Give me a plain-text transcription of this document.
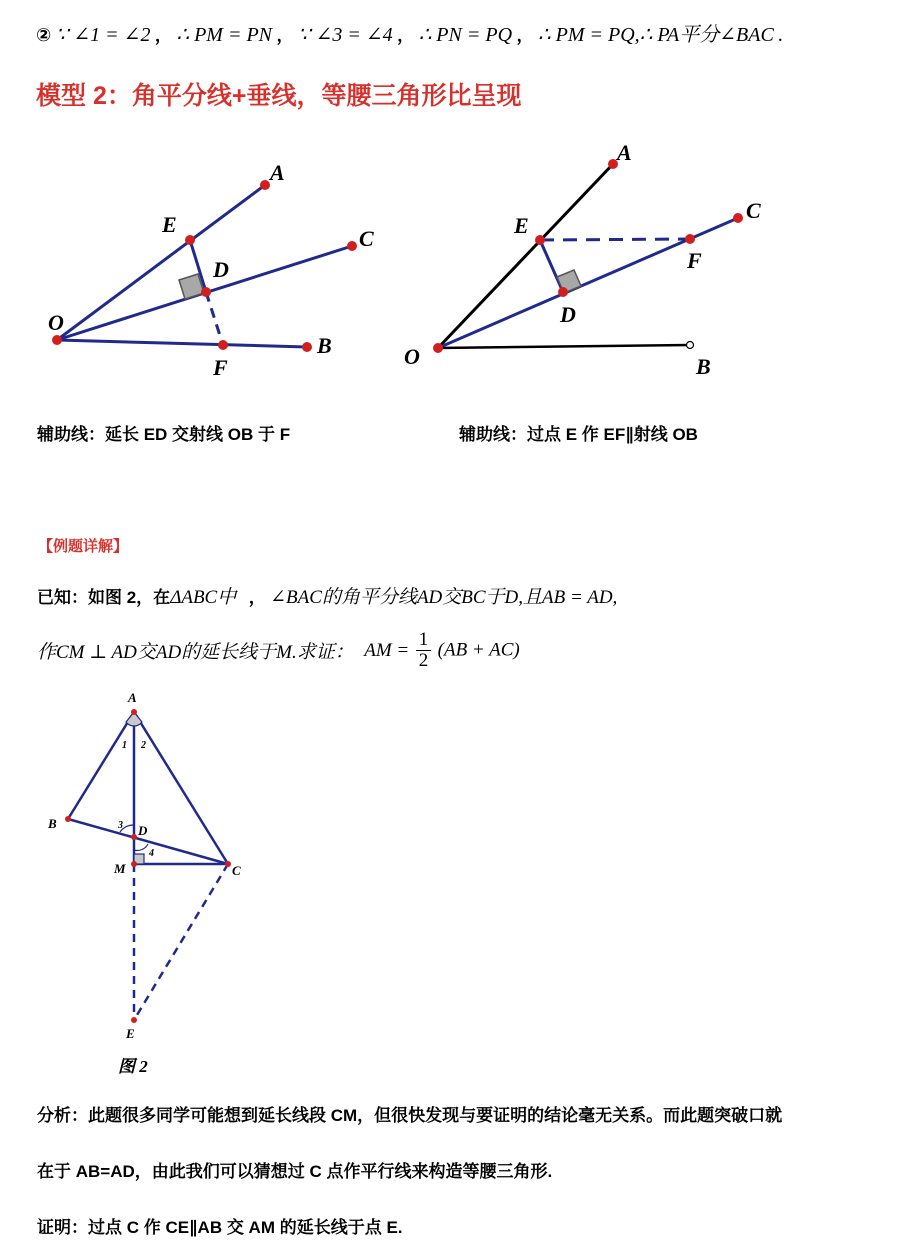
② ∵ ∠1 = ∠2 ， ∴ PM = PN ， ∵ ∠3 = ∠4 ， ∴ PN = PQ ， ∴ PM = PQ,∴ PA平分∠BAC .
模型 2：角平分线+垂线，等腰三角形比呈现
O
A
E
D
C
F
B	O
A
E
D
F
C
B
辅助线：延长 ED 交射线 OB 于 F	辅助线：过点 E 作 EF∥射线 OB
【例题详解】
已知：如图 2，在ΔABC中 ， ∠BAC的角平分线AD交BC于D,且AB = AD,
作CM ⊥ AD交AD的延长线于M.求证： AM = $\frac{1}{2} (AB + AC)$
A
B	D
M	C
E
1 2
3
4
图 2
分析：此题很多同学可能想到延长线段 CM，但很快发现与要证明的结论毫无关系。而此题突破口就
在于 AB=AD，由此我们可以猜想过 C 点作平行线来构造等腰三角形.
证明：过点 C 作 CE∥AB 交 AM 的延长线于点 E.
